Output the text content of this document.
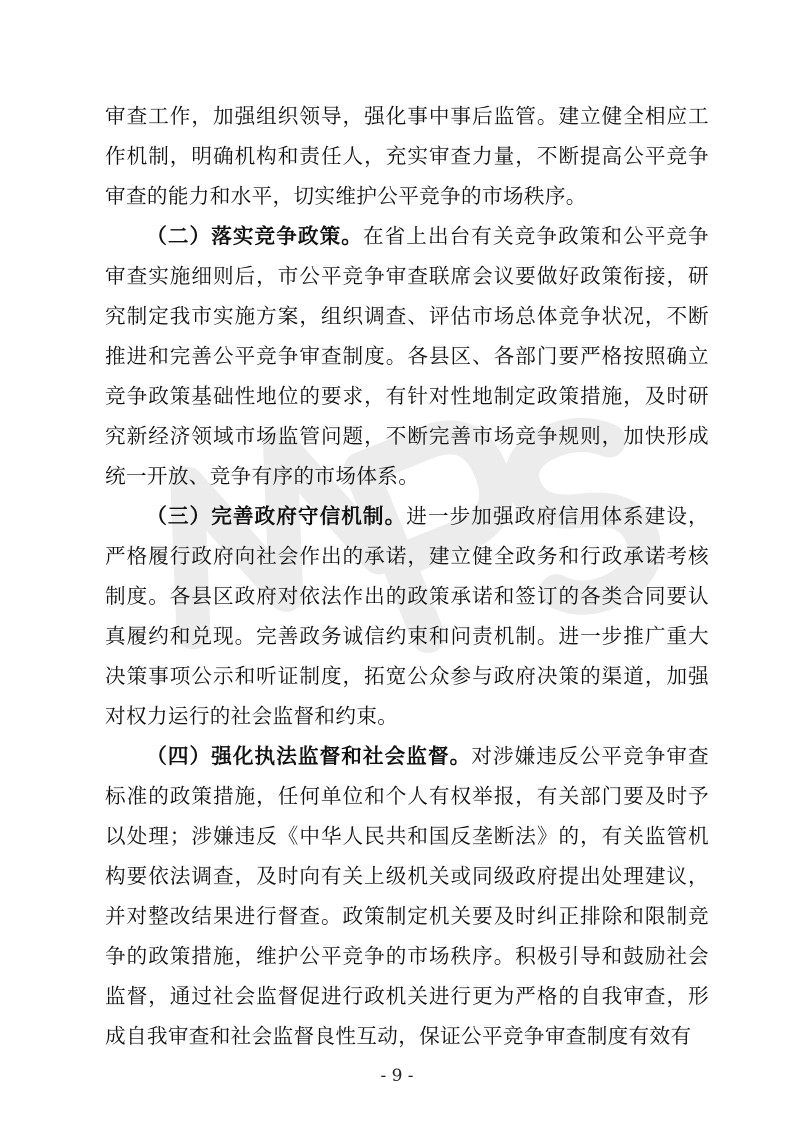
审查工作，加强组织领导，强化事中事后监管。建立健全相应工作机制，明确机构和责任人，充实审查力量，不断提高公平竞争审查的能力和水平，切实维护公平竞争的市场秩序。

（二）落实竞争政策。在省上出台有关竞争政策和公平竞争审查实施细则后，市公平竞争审查联席会议要做好政策衔接，研究制定我市实施方案，组织调查、评估市场总体竞争状况，不断推进和完善公平竞争审查制度。各县区、各部门要严格按照确立竞争政策基础性地位的要求，有针对性地制定政策措施，及时研究新经济领域市场监管问题，不断完善市场竞争规则，加快形成统一开放、竞争有序的市场体系。

（三）完善政府守信机制。进一步加强政府信用体系建设，严格履行政府向社会作出的承诺，建立健全政务和行政承诺考核制度。各县区政府对依法作出的政策承诺和签订的各类合同要认真履约和兑现。完善政务诚信约束和问责机制。进一步推广重大决策事项公示和听证制度，拓宽公众参与政府决策的渠道，加强对权力运行的社会监督和约束。

（四）强化执法监督和社会监督。对涉嫌违反公平竞争审查标准的政策措施，任何单位和个人有权举报，有关部门要及时予以处理；涉嫌违反《中华人民共和国反垄断法》的，有关监管机构要依法调查，及时向有关上级机关或同级政府提出处理建议，并对整改结果进行督查。政策制定机关要及时纠正排除和限制竞争的政策措施，维护公平竞争的市场秩序。积极引导和鼓励社会监督，通过社会监督促进行政机关进行更为严格的自我审查，形成自我审查和社会监督良性互动，保证公平竞争审查制度有效有

- 9 -
